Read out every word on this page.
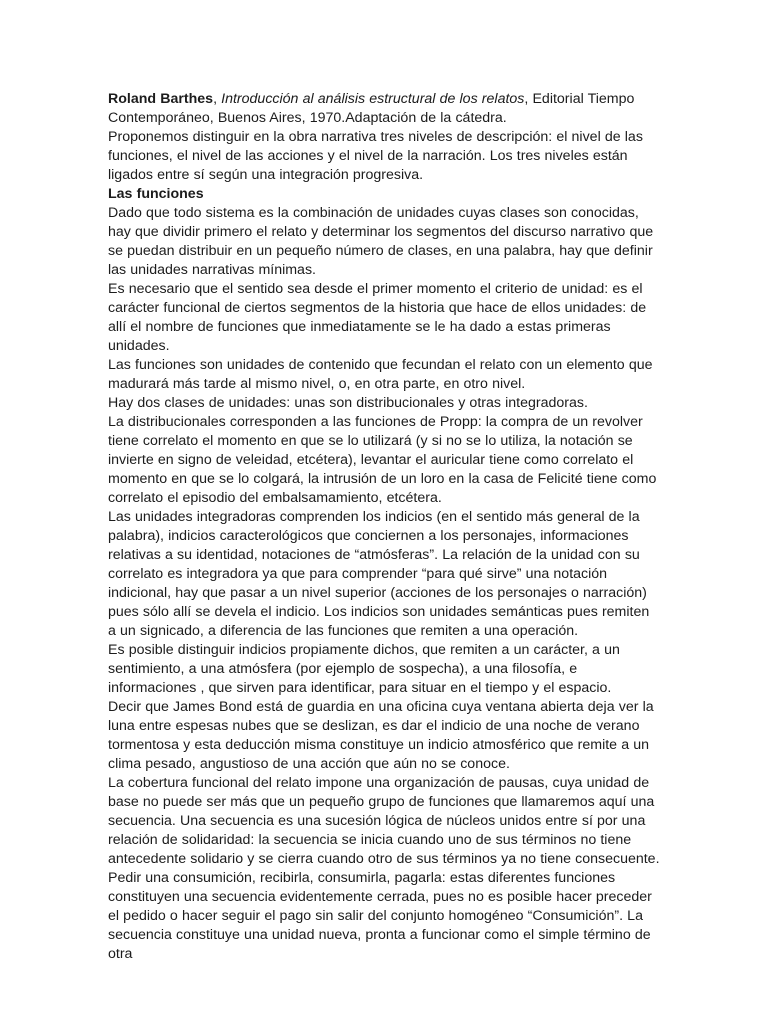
Roland Barthes, Introducción al análisis estructural de los relatos, Editorial Tiempo Contemporáneo, Buenos Aires, 1970.Adaptación de la cátedra.

Proponemos distinguir en la obra narrativa tres niveles de descripción: el nivel de las funciones, el nivel de las acciones y el nivel de la narración. Los tres niveles están ligados entre sí según una integración progresiva.

Las funciones

Dado que todo sistema es la combinación de unidades cuyas clases son conocidas, hay que dividir primero el relato y determinar los segmentos del discurso narrativo que se puedan distribuir en un pequeño número de clases, en una palabra, hay que definir las unidades narrativas mínimas.

Es necesario que el sentido sea desde el primer momento el criterio de unidad: es el carácter funcional de ciertos segmentos de la historia que hace de ellos unidades: de allí el nombre de funciones que inmediatamente se le ha dado a estas primeras unidades.

Las funciones son unidades de contenido que fecundan el relato con un elemento que madurará más tarde al mismo nivel, o, en otra parte, en otro nivel.

Hay dos clases de unidades: unas son distribucionales y otras integradoras.

La distribucionales corresponden a las funciones de Propp: la compra de un revolver tiene correlato el momento en que se lo utilizará (y si no se lo utiliza, la notación se invierte en signo de veleidad, etcétera), levantar el auricular tiene como correlato el momento en que se lo colgará, la intrusión de un loro en la casa de Felicité tiene como correlato el episodio del embalsamamiento, etcétera.

Las unidades integradoras comprenden los indicios (en el sentido más general de la palabra), indicios caracterológicos que conciernen a los personajes, informaciones relativas a su identidad, notaciones de “atmósferas”. La relación de la unidad con su correlato es integradora ya que para comprender “para qué sirve” una notación indicional, hay que pasar a un nivel superior (acciones de los personajes o narración) pues sólo allí se devela el indicio. Los indicios son unidades semánticas pues remiten a un signicado, a diferencia de las funciones que remiten a una operación.

Es posible distinguir indicios propiamente dichos, que remiten a un carácter, a un sentimiento, a una atmósfera (por ejemplo de sospecha), a una filosofía, e informaciones , que sirven para identificar, para situar en el tiempo y el espacio.

Decir que James Bond está de guardia en una oficina cuya ventana abierta deja ver la luna entre espesas nubes que se deslizan, es dar el indicio de una noche de verano tormentosa y esta deducción misma constituye un indicio atmosférico que remite a un clima pesado, angustioso de una acción que aún no se conoce.

La cobertura funcional del relato impone una organización de pausas, cuya unidad de base no puede ser más que un pequeño grupo de funciones que llamaremos aquí una secuencia. Una secuencia es una sucesión lógica de núcleos unidos entre sí por una relación de solidaridad: la secuencia se inicia cuando uno de sus términos no tiene antecedente solidario y se cierra cuando otro de sus términos ya no tiene consecuente.

Pedir una consumición, recibirla, consumirla, pagarla: estas diferentes funciones constituyen una secuencia evidentemente cerrada, pues no es posible hacer preceder el pedido o hacer seguir el pago sin salir del conjunto homogéneo “Consumición”. La secuencia constituye una unidad nueva, pronta a funcionar como el simple término de otra
